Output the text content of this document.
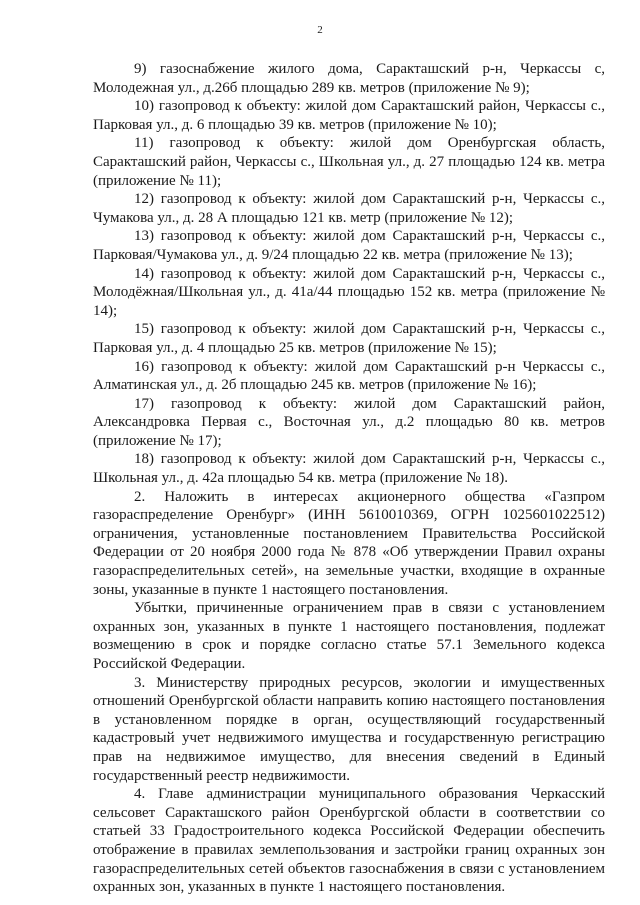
2

9) газоснабжение жилого дома, Саракташский р-н, Черкассы с, Молодежная ул., д.26б площадью 289 кв. метров (приложение № 9);

10) газопровод к объекту: жилой дом Саракташский район, Черкассы с., Парковая ул., д. 6 площадью 39 кв. метров (приложение № 10);

11) газопровод к объекту: жилой дом Оренбургская область, Саракташский район, Черкассы с., Школьная ул., д. 27 площадью 124 кв. метра (приложение № 11);

12) газопровод к объекту: жилой дом Саракташский р-н, Черкассы с., Чумакова ул., д. 28 А площадью 121 кв. метр (приложение № 12);

13) газопровод к объекту: жилой дом Саракташский р-н, Черкассы с., Парковая/Чумакова ул., д. 9/24 площадью 22 кв. метра (приложение № 13);

14) газопровод к объекту: жилой дом Саракташский р-н, Черкассы с., Молодёжная/Школьная ул., д. 41а/44 площадью 152 кв. метра (приложение № 14);

15) газопровод к объекту: жилой дом Саракташский р-н, Черкассы с., Парковая ул., д. 4 площадью 25 кв. метров (приложение № 15);

16) газопровод к объекту: жилой дом Саракташский р-н Черкассы с., Алматинская ул., д. 2б площадью 245 кв. метров (приложение № 16);

17) газопровод к объекту: жилой дом Саракташский район, Александровка Первая с., Восточная ул., д.2 площадью 80 кв. метров (приложение № 17);

18) газопровод к объекту: жилой дом Саракташский р-н, Черкассы с., Школьная ул., д. 42а площадью 54 кв. метра (приложение № 18).

2. Наложить в интересах акционерного общества «Газпром газораспределение Оренбург» (ИНН 5610010369, ОГРН 1025601022512) ограничения, установленные постановлением Правительства Российской Федерации от 20 ноября 2000 года № 878 «Об утверждении Правил охраны газораспределительных сетей», на земельные участки, входящие в охранные зоны, указанные в пункте 1 настоящего постановления.

Убытки, причиненные ограничением прав в связи с установлением охранных зон, указанных в пункте 1 настоящего постановления, подлежат возмещению в срок и порядке согласно статье 57.1 Земельного кодекса Российской Федерации.

3. Министерству природных ресурсов, экологии и имущественных отношений Оренбургской области направить копию настоящего постановления в установленном порядке в орган, осуществляющий государственный кадастровый учет недвижимого имущества и государственную регистрацию прав на недвижимое имущество, для внесения сведений в Единый государственный реестр недвижимости.

4. Главе администрации муниципального образования Черкасский сельсовет Саракташского район Оренбургской области в соответствии со статьей 33 Градостроительного кодекса Российской Федерации обеспечить отображение в правилах землепользования и застройки границ охранных зон газораспределительных сетей объектов газоснабжения в связи с установлением охранных зон, указанных в пункте 1 настоящего постановления.
